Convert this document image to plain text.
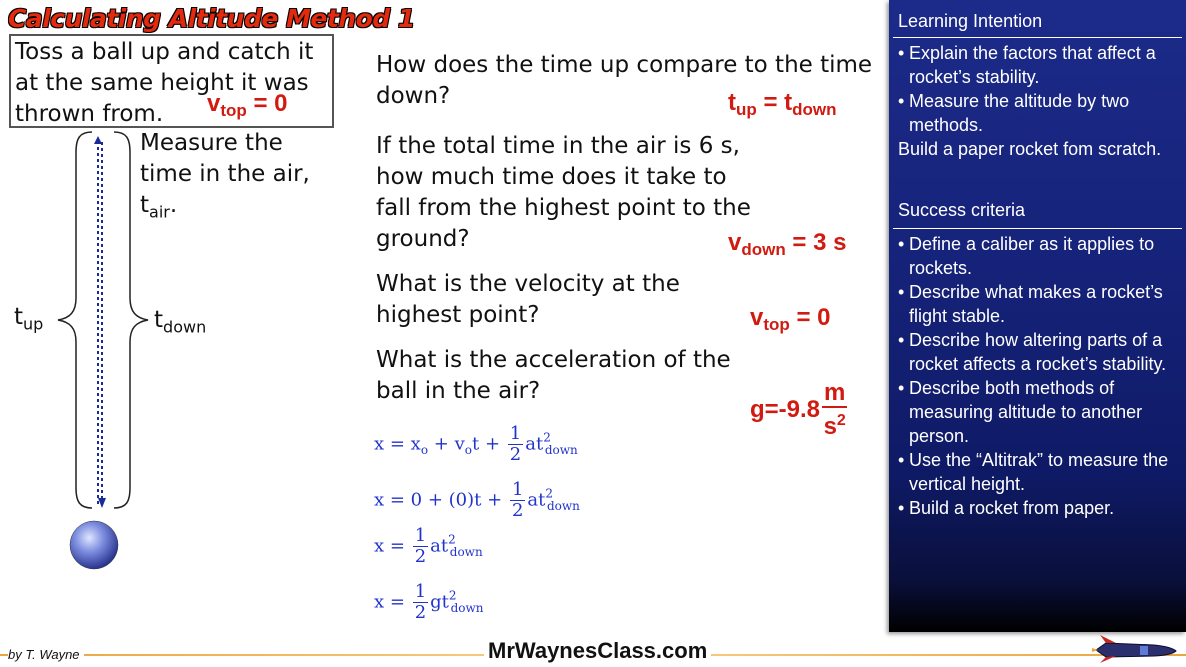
Calculating Altitude Method 1
Toss a ball up and catch it
at the same height it was
thrown from.	$v_{top} = 0$
Measure the
time in the air,
$t_{air}$.
$t_{up}$	$t_{down}$
How does the time up compare to the time
down?
If the total time in the air is 6 s,
how much time does it take to
fall from the highest point to the
ground?
What is the velocity at the
highest point?
What is the acceleration of the
ball in the air?
$t_{up} = t_{down}$
$v_{down} = 3$ s
$v_{top} = 0$
$g=-9.8 \frac{m}{s^2}$
$x = x_o + v_ot + \frac{1}{2} at^2_{down}$
$x = 0 + (0)t + \frac{1}{2} at^2_{down}$
$x = \frac{1}{2} at^2_{down}$
$x = \frac{1}{2} gt^2_{down}$
Learning Intention
• Explain the factors that affect a rocket’s stability.
• Measure the altitude by two methods.
Build a paper rocket fom scratch.
Success criteria
• Define a caliber as it applies to rockets.
• Describe what makes a rocket’s flight stable.
• Describe how altering parts of a rocket affects a rocket’s stability.
• Describe both methods of measuring altitude to another person.
• Use the “Altitrak” to measure the vertical height.
• Build a rocket from paper.
by T. Wayne	MrWaynesClass.com
